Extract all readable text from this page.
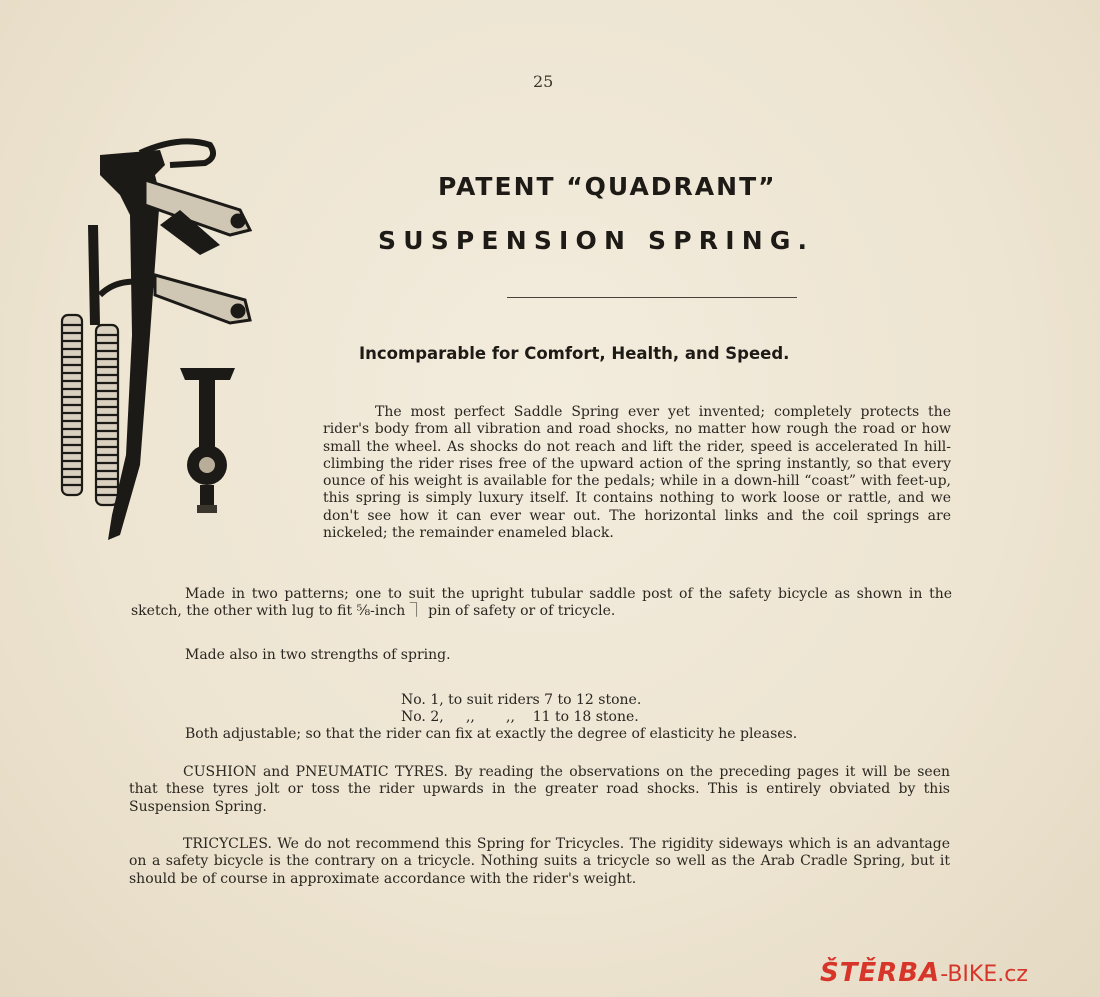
25
PATENT “QUADRANT”
SUSPENSION SPRING.
Incomparable for Comfort, Health, and Speed.
The most perfect Saddle Spring ever yet invented; completely protects the rider's body from all vibration and road shocks, no matter how rough the road or how small the wheel. As shocks do not reach and lift the rider, speed is accelerated In hill-climbing the rider rises free of the upward action of the spring instantly, so that every ounce of his weight is available for the pedals; while in a down-hill “coast” with feet-up, this spring is simply luxury itself. It contains nothing to work loose or rattle, and we don't see how it can ever wear out. The horizontal links and the coil springs are nickeled; the remainder enameled black.
Made in two patterns; one to suit the upright tubular saddle post of the safety bicycle as shown in the sketch, the other with lug to fit ⅝-inch ⏋ pin of safety or of tricycle.
Made also in two strengths of spring.
No. 1, to suit riders 7 to 12 stone.
No. 2,     ,,       ,,    11 to 18 stone.
Both adjustable; so that the rider can fix at exactly the degree of elasticity he pleases.
CUSHION and PNEUMATIC TYRES. By reading the observations on the preceding pages it will be seen that these tyres jolt or toss the rider upwards in the greater road shocks. This is entirely obviated by this Suspension Spring.
TRICYCLES. We do not recommend this Spring for Tricycles. The rigidity sideways which is an advantage on a safety bicycle is the contrary on a tricycle. Nothing suits a tricycle so well as the Arab Cradle Spring, but it should be of course in approximate accordance with the rider's weight.
ŠTĚRBA-BIKE.cz
